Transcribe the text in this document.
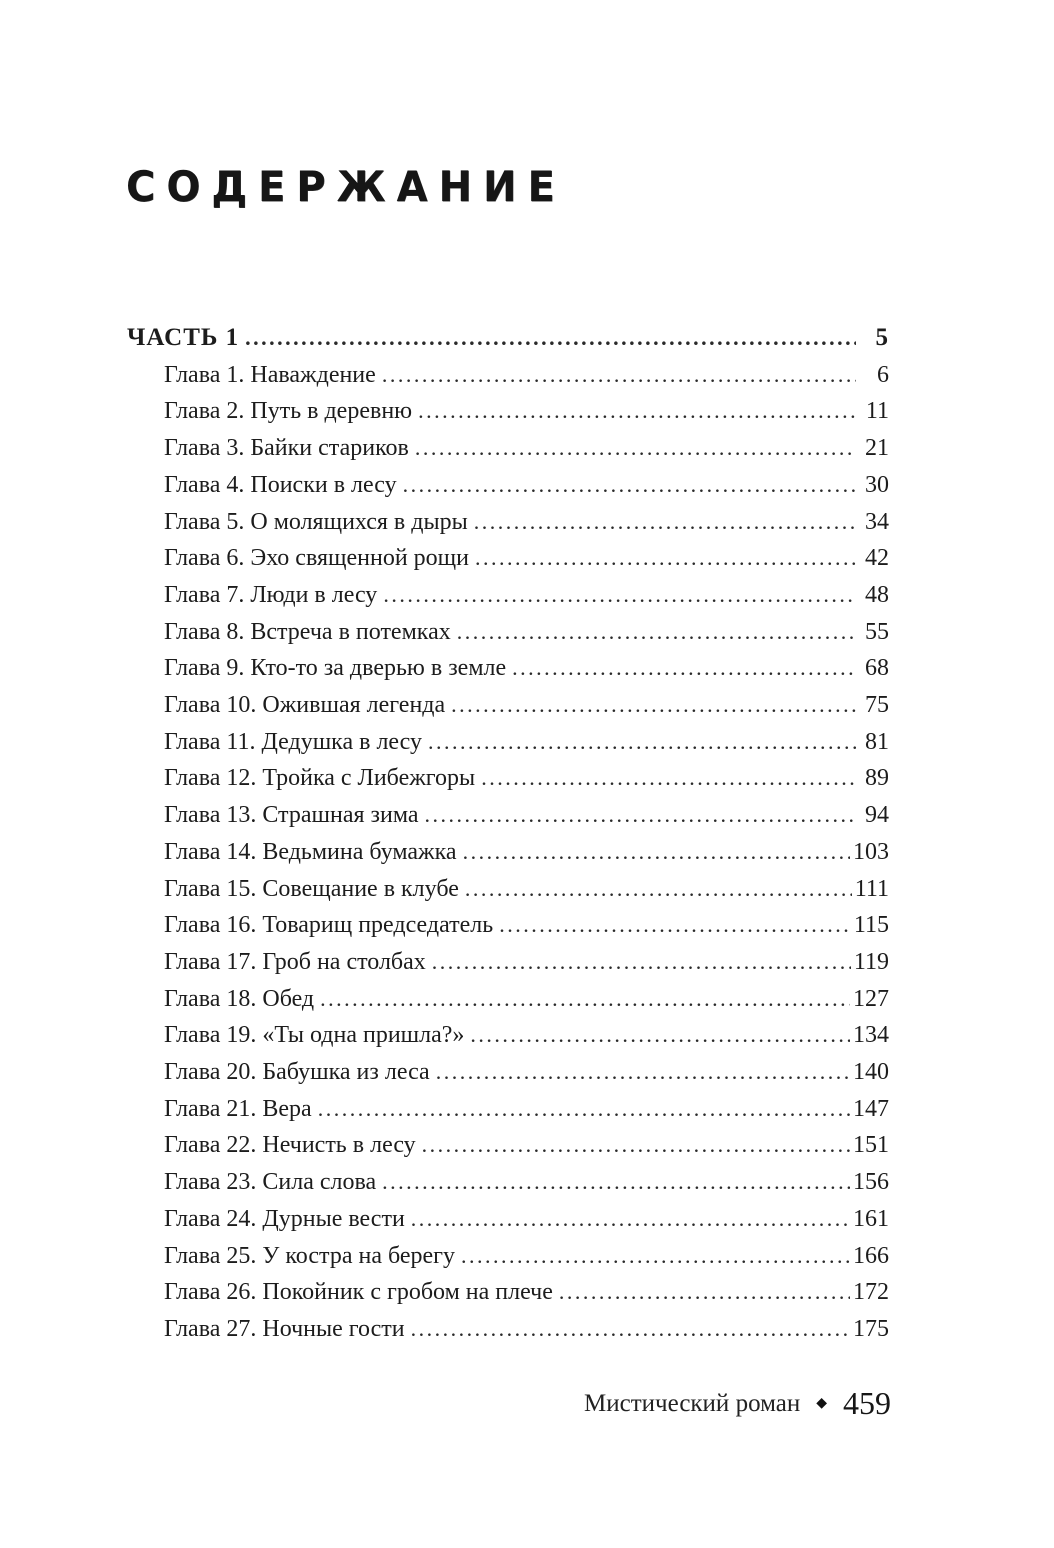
СОДЕРЖАНИЕ
ЧАСТЬ 1 .....	5
Глава 1. Наваждение .....	6
Глава 2. Путь в деревню .....	11
Глава 3. Байки стариков .....	21
Глава 4. Поиски в лесу .....	30
Глава 5. О молящихся в дыры .....	34
Глава 6. Эхо священной рощи .....	42
Глава 7. Люди в лесу .....	48
Глава 8. Встреча в потемках .....	55
Глава 9. Кто-то за дверью в земле .....	68
Глава 10. Ожившая легенда .....	75
Глава 11. Дедушка в лесу .....	81
Глава 12. Тройка с Либежгоры .....	89
Глава 13. Страшная зима .....	94
Глава 14. Ведьмина бумажка .....	103
Глава 15. Совещание в клубе .....	111
Глава 16. Товарищ председатель .....	115
Глава 17. Гроб на столбах .....	119
Глава 18. Обед .....	127
Глава 19. «Ты одна пришла?» .....	134
Глава 20. Бабушка из леса .....	140
Глава 21. Вера .....	147
Глава 22. Нечисть в лесу .....	151
Глава 23. Сила слова .....	156
Глава 24. Дурные вести .....	161
Глава 25. У костра на берегу .....	166
Глава 26. Покойник с гробом на плече .....	172
Глава 27. Ночные гости .....	175
Мистический роман ◆ 459
